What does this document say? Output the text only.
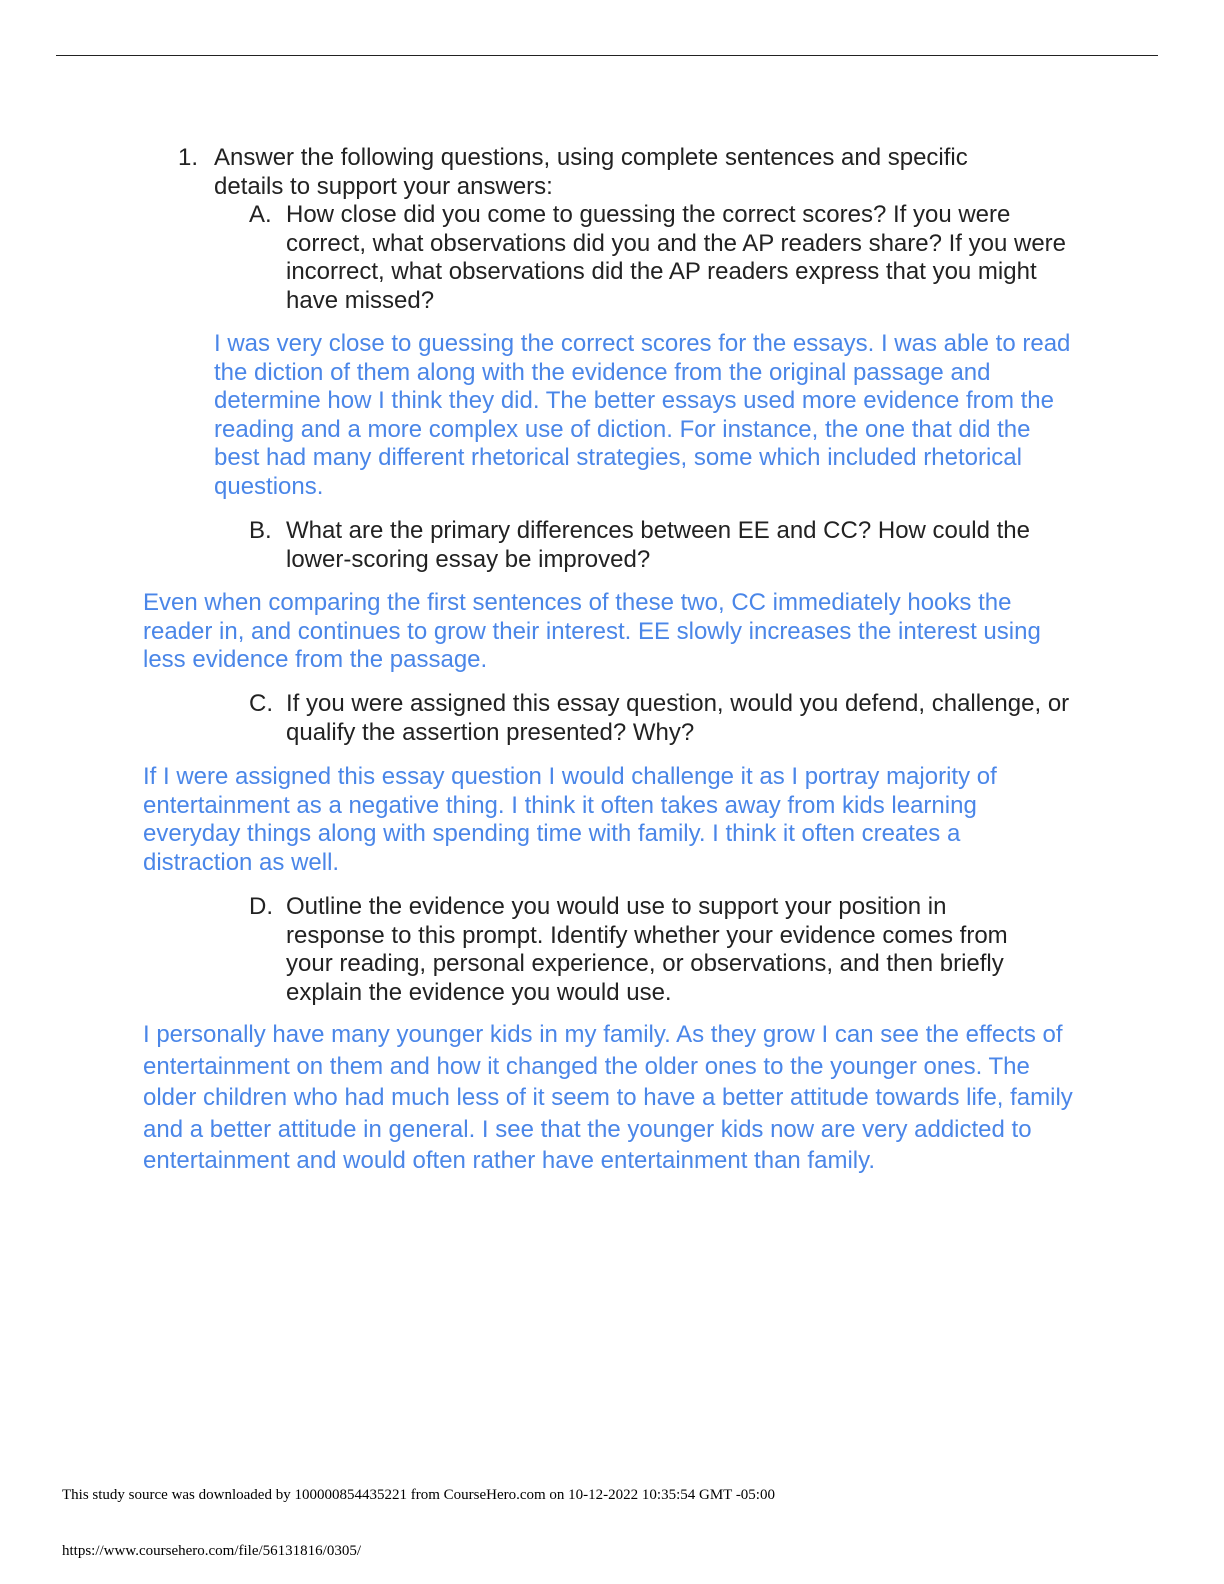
1. Answer the following questions, using complete sentences and specific details to support your answers:

A. How close did you come to guessing the correct scores? If you were correct, what observations did you and the AP readers share? If you were incorrect, what observations did the AP readers express that you might have missed?

I was very close to guessing the correct scores for the essays. I was able to read the diction of them along with the evidence from the original passage and determine how I think they did. The better essays used more evidence from the reading and a more complex use of diction. For instance, the one that did the best had many different rhetorical strategies, some which included rhetorical questions.

B. What are the primary differences between EE and CC? How could the lower-scoring essay be improved?

Even when comparing the first sentences of these two, CC immediately hooks the reader in, and continues to grow their interest. EE slowly increases the interest using less evidence from the passage.

C. If you were assigned this essay question, would you defend, challenge, or qualify the assertion presented? Why?

If I were assigned this essay question I would challenge it as I portray majority of entertainment as a negative thing. I think it often takes away from kids learning everyday things along with spending time with family. I think it often creates a distraction as well.

D. Outline the evidence you would use to support your position in response to this prompt. Identify whether your evidence comes from your reading, personal experience, or observations, and then briefly explain the evidence you would use.

I personally have many younger kids in my family. As they grow I can see the effects of entertainment on them and how it changed the older ones to the younger ones. The older children who had much less of it seem to have a better attitude towards life, family and a better attitude in general. I see that the younger kids now are very addicted to entertainment and would often rather have entertainment than family.

This study source was downloaded by 100000854435221 from CourseHero.com on 10-12-2022 10:35:54 GMT -05:00
https://www.coursehero.com/file/56131816/0305/
